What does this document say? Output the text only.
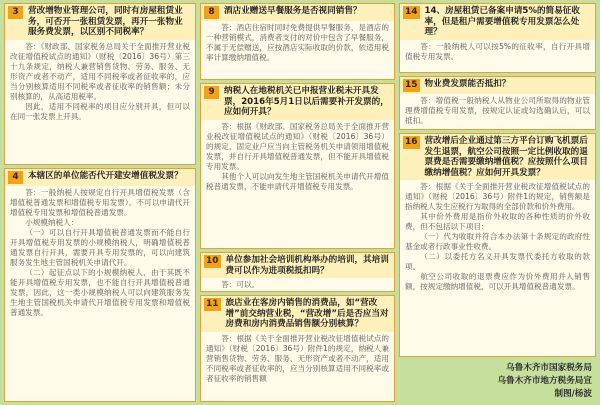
3	营改增物业管理公司，同时有房屋租赁业务，可否开一张租赁发票，再开一张物业服务费发票，以区别不同税率？

答：《财政部、国家税务总局关于全面推开营业税改征增值税试点的通知》（财税〔2016〕36号）第三十九条规定，纳税人兼营销售货物、劳务、服务、无形资产或者不动产，适用不同税率或者征收率的，应当分别核算适用不同税率或者征收率的销售额；未分别核算的，从高适用税率。

因此，适用不同税率的项目应分别开具，但可以在同一张发票上开具。

4	本辖区的单位能否代开建安增值税发票？

答：一般纳税人按规定自行开具增值税发票（含增值税普通发票和增值税专用发票）。不可以申请代开增值税专用发票和增值税普通发票。

小规模纳税人：

（一）可以自行开具增值税普通发票而不能自行开具增值税专用发票的小规模纳税人，明确增值税普通发票自行开具，需要开具专用发票的，可以向建筑服务发生地主管国税机关申请代开。

（二）起征点以下的小规模纳税人，由于其既不能开具增值税专用发票，也不能自行开具增值税普通发票，因此，这一类小规模纳税人可以向建筑服务发生地主管国税机关申请代开增值税专用发票和增值税普通发票。

8	酒店业赠送早餐服务是否视同销售？

答：酒店住宿时同时免费提供早餐服务，是酒店的一种营销模式，消费者支付的对价中包含了早餐服务，不属于无偿赠送，应按酒店实际收取的价款，依适用税率计算缴纳增值税。

9	纳税人在地税机关已申报营业税未开具发票，2016年5月1日以后需要补开发票的，应如何开具？

答：根据《财政部、国家税务总局关于全面推开营业税改征增值税试点的通知》（财税〔2016〕36号）的规定，固定业户应当向主管税务机关申请领用增值税发票，并自行开具增值税普通发票，但不能开具增值税专用发票。

其他个人可以向发生地主管国税机关申请代开增值税普通发票，不能申请代开增值税专用发票。

10 单位参加社会培训机构举办的培训，其培训费可以作为进项税抵扣吗？

答：可以。

11 旅店业在客房内销售的消费品，如“营改增”前交纳营业税，“营改增”后是否应当对房费和房内消费品销售额分别核算？

答：根据《关于全面推开营业税改征增值税试点的通知》（财税〔2016〕36号）附件1的规定，纳税人兼营销售货物、劳务、服务、无形资产或者不动产，适用不同税率或者征收率的，应当分别核算适用不同税率或者征收率的销售额

14 14、房屋租赁已备案申请5%的简易征收率，但是租户需要增值税专用发票怎么处理？

答：一般纳税人可以按5%的征收率，自行开具增值税专用发票。

15 物业费发票能否抵扣？

答：增值税一般纳税人从物业公司所取得的物业管理费增值税专用发票，按规定认证或勾选确认后，可以抵扣。

16 营改增后企业通过第三方平台订购飞机票后发生退票，航空公司按照一定比例收取的退票费是否需要缴纳增值税？应按照什么项目缴纳增值税？应如何开具发票？

答：根据《关于全面推开营业税改征增值税试点的通知》（财税〔2016〕36号）附件1的规定，销售额是指纳税人发生应税行为取得的全部价款和价外费用。

其中价外费用是指价外收取的各种性质的价外收费，但不包括以下项目：

（一）代为收取并符合本办法第十条规定的政府性基金或者行政事业性收费。

（二）以委托方名义开具发票代委托方收取的款项。

航空公司收取的退票费应作为价外费用并入销售额，按规定缴纳增值税，可以开具增值税普通发票。

乌鲁木齐市国家税务局
乌鲁木齐市地方税务局宣
制图/杨波
